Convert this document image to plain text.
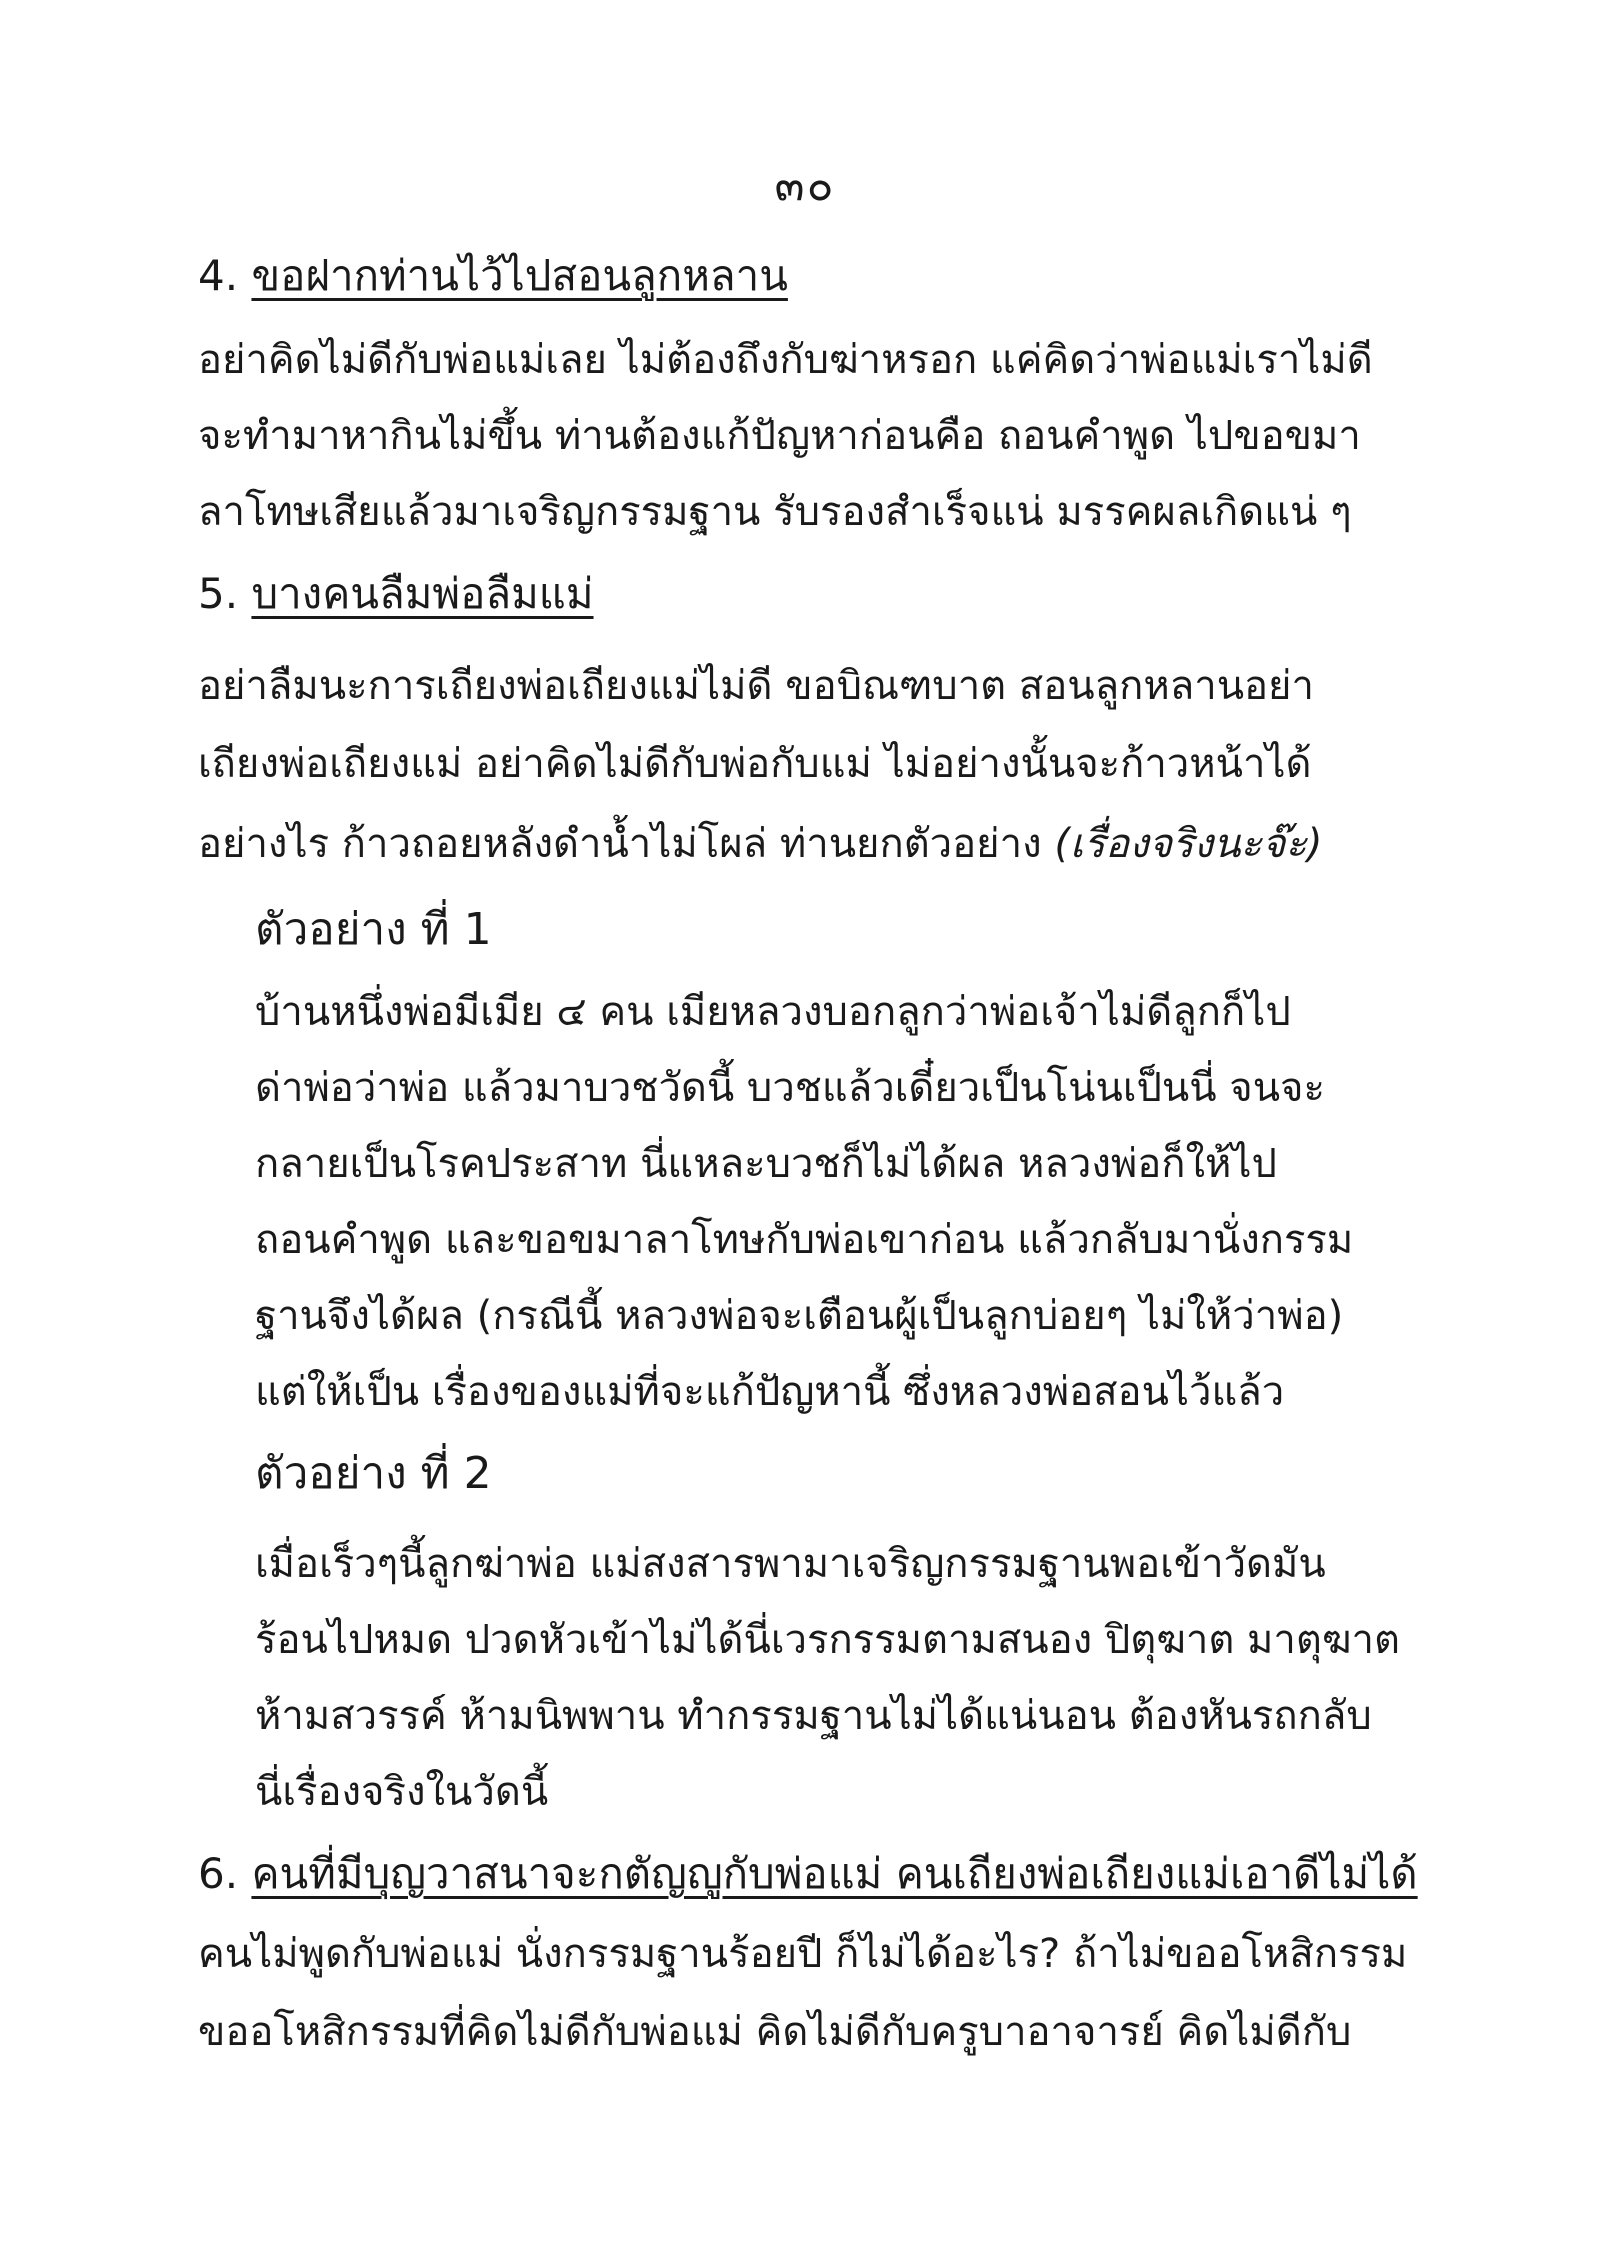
๓๐
4. ขอฝากท่านไว้ไปสอนลูกหลาน
อย่าคิดไม่ดีกับพ่อแม่เลย ไม่ต้องถึงกับฆ่าหรอก แค่คิดว่าพ่อแม่เราไม่ดี
จะทำมาหากินไม่ขึ้น ท่านต้องแก้ปัญหาก่อนคือ ถอนคำพูด ไปขอขมา
ลาโทษเสียแล้วมาเจริญกรรมฐาน รับรองสำเร็จแน่ มรรคผลเกิดแน่ ๆ
5. บางคนลืมพ่อลืมแม่
อย่าลืมนะการเถียงพ่อเถียงแม่ไม่ดี ขอบิณฑบาต สอนลูกหลานอย่า
เถียงพ่อเถียงแม่ อย่าคิดไม่ดีกับพ่อกับแม่ ไม่อย่างนั้นจะก้าวหน้าได้
อย่างไร ก้าวถอยหลังดำน้ำไม่โผล่ ท่านยกตัวอย่าง (เรื่องจริงนะจ๊ะ)
ตัวอย่าง ที่ 1
บ้านหนึ่งพ่อมีเมีย ๔ คน เมียหลวงบอกลูกว่าพ่อเจ้าไม่ดีลูกก็ไป
ด่าพ่อว่าพ่อ แล้วมาบวชวัดนี้ บวชแล้วเดี๋ยวเป็นโน่นเป็นนี่ จนจะ
กลายเป็นโรคประสาท นี่แหละบวชก็ไม่ได้ผล หลวงพ่อก็ให้ไป
ถอนคำพูด และขอขมาลาโทษกับพ่อเขาก่อน แล้วกลับมานั่งกรรม
ฐานจึงได้ผล (กรณีนี้ หลวงพ่อจะเตือนผู้เป็นลูกบ่อยๆ ไม่ให้ว่าพ่อ)
แต่ให้เป็น เรื่องของแม่ที่จะแก้ปัญหานี้ ซึ่งหลวงพ่อสอนไว้แล้ว
ตัวอย่าง ที่ 2
เมื่อเร็วๆนี้ลูกฆ่าพ่อ แม่สงสารพามาเจริญกรรมฐานพอเข้าวัดมัน
ร้อนไปหมด ปวดหัวเข้าไม่ได้นี่เวรกรรมตามสนอง ปิตุฆาต มาตุฆาต
ห้ามสวรรค์ ห้ามนิพพาน ทำกรรมฐานไม่ได้แน่นอน ต้องหันรถกลับ
นี่เรื่องจริงในวัดนี้
6. คนที่มีบุญวาสนาจะกตัญญูกับพ่อแม่ คนเถียงพ่อเถียงแม่เอาดีไม่ได้
คนไม่พูดกับพ่อแม่ นั่งกรรมฐานร้อยปี ก็ไม่ได้อะไร? ถ้าไม่ขออโหสิกรรม
ขออโหสิกรรมที่คิดไม่ดีกับพ่อแม่ คิดไม่ดีกับครูบาอาจารย์ คิดไม่ดีกับ
